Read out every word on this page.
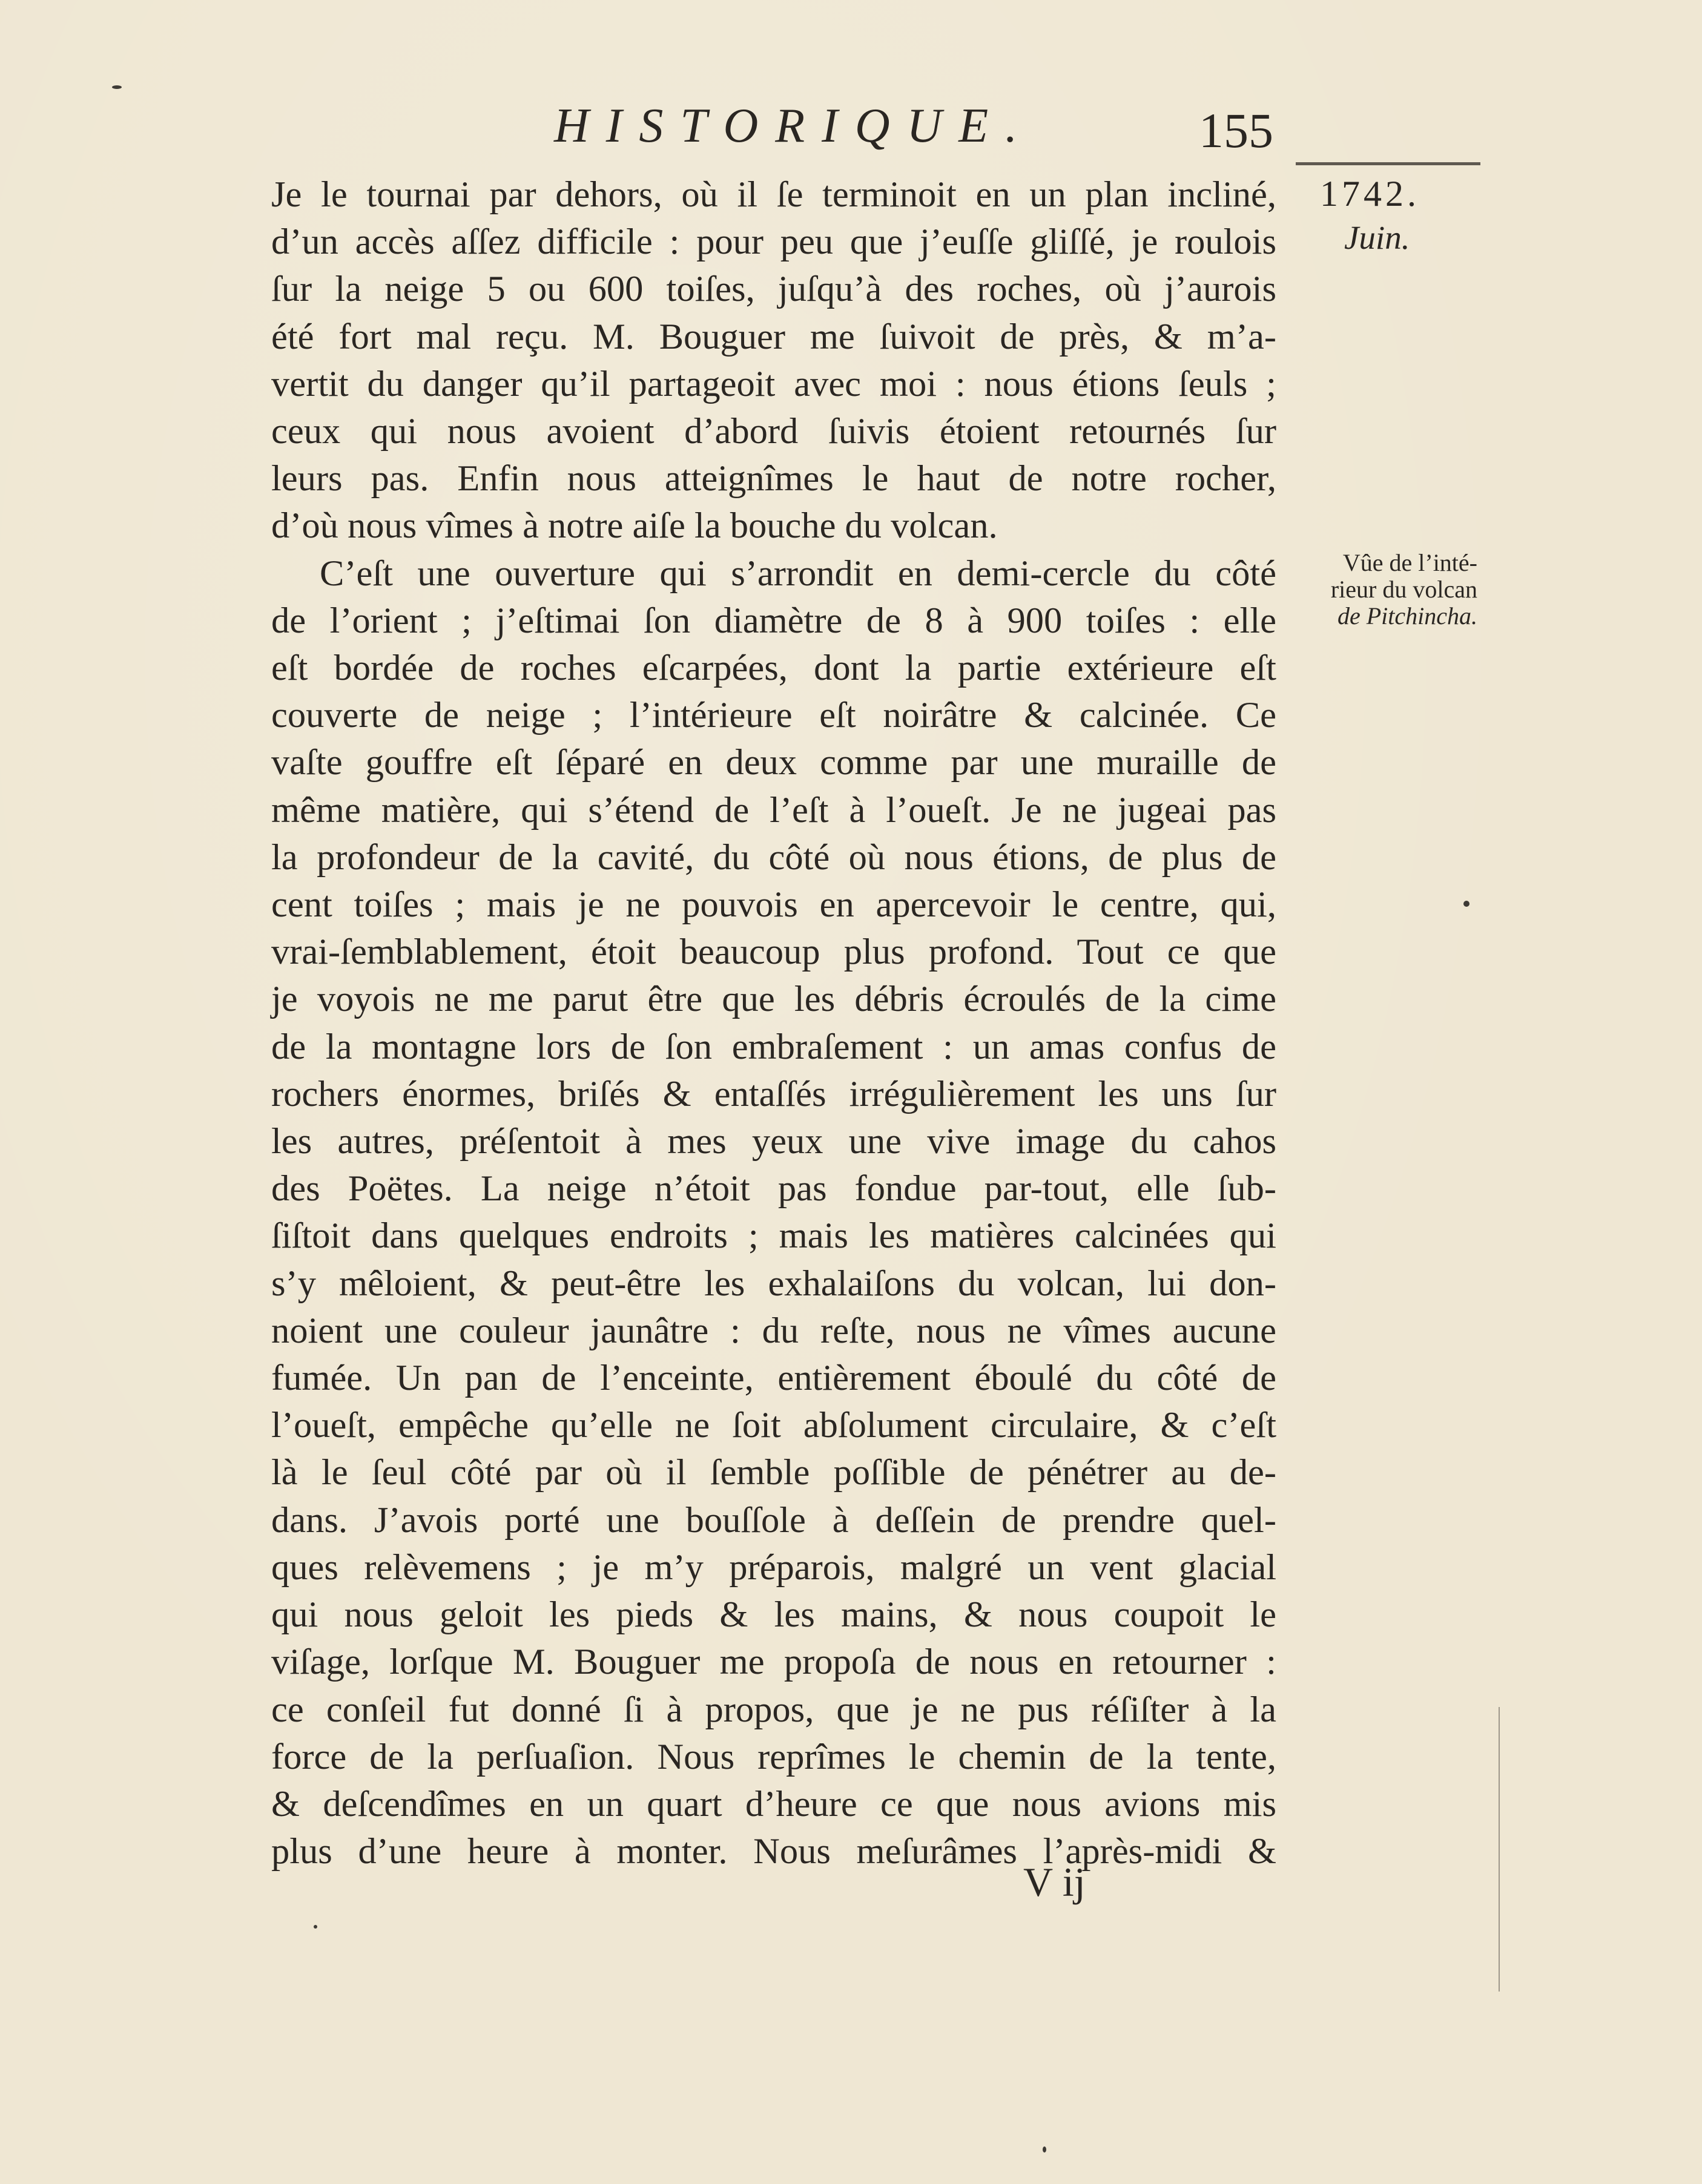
HISTORIQUE.	155
1742.
Juin.
Vûe de l’inté-
rieur du volcan
de Pitchincha.

Je le tournai par dehors, où il ſe terminoit en un plan incliné,
d’un accès aſſez difficile : pour peu que j’euſſe gliſſé, je roulois
ſur la neige 5 ou 600 toiſes, juſqu’à des roches, où j’aurois
été fort mal reçu. M. Bouguer me ſuivoit de près, & m’a-
vertit du danger qu’il partageoit avec moi : nous étions ſeuls ;
ceux qui nous avoient d’abord ſuivis étoient retournés ſur
leurs pas. Enfin nous atteignîmes le haut de notre rocher,
d’où nous vîmes à notre aiſe la bouche du volcan.

C’eſt une ouverture qui s’arrondit en demi-cercle du côté
de l’orient ; j’eſtimai ſon diamètre de 8 à 900 toiſes : elle
eſt bordée de roches eſcarpées, dont la partie extérieure eſt
couverte de neige ; l’intérieure eſt noirâtre & calcinée. Ce
vaſte gouffre eſt ſéparé en deux comme par une muraille de
même matière, qui s’étend de l’eſt à l’oueſt. Je ne jugeai pas
la profondeur de la cavité, du côté où nous étions, de plus de
cent toiſes ; mais je ne pouvois en apercevoir le centre, qui,
vrai-ſemblablement, étoit beaucoup plus profond. Tout ce que
je voyois ne me parut être que les débris écroulés de la cime
de la montagne lors de ſon embraſement : un amas confus de
rochers énormes, briſés & entaſſés irrégulièrement les uns ſur
les autres, préſentoit à mes yeux une vive image du cahos
des Poëtes. La neige n’étoit pas fondue par-tout, elle ſub-
ſiſtoit dans quelques endroits ; mais les matières calcinées qui
s’y mêloient, & peut-être les exhalaiſons du volcan, lui don-
noient une couleur jaunâtre : du reſte, nous ne vîmes aucune
fumée. Un pan de l’enceinte, entièrement éboulé du côté de
l’oueſt, empêche qu’elle ne ſoit abſolument circulaire, & c’eſt
là le ſeul côté par où il ſemble poſſible de pénétrer au de-
dans. J’avois porté une bouſſole à deſſein de prendre quel-
ques relèvemens ; je m’y préparois, malgré un vent glacial
qui nous geloit les pieds & les mains, & nous coupoit le
viſage, lorſque M. Bouguer me propoſa de nous en retourner :
ce conſeil fut donné ſi à propos, que je ne pus réſiſter à la
force de la perſuaſion. Nous reprîmes le chemin de la tente,
& deſcendîmes en un quart d’heure ce que nous avions mis
plus d’une heure à monter. Nous meſurâmes l’après-midi &

V ij
